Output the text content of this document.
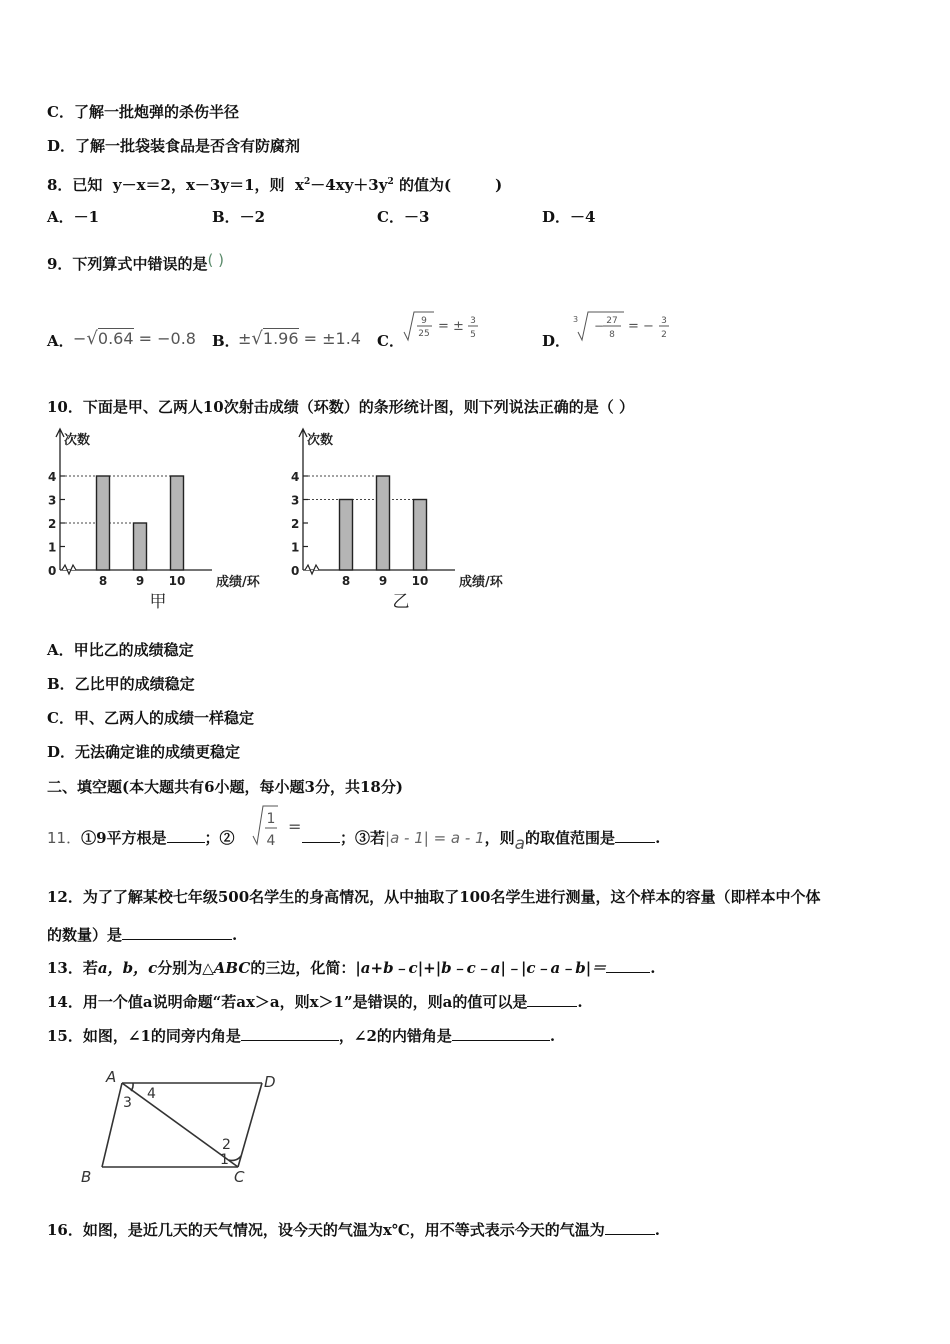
C．了解一批炮弹的杀伤半径
D．了解一批袋装食品是否含有防腐剂
8．已知 y－x＝2，x－3y＝1，则 $x^2-4xy+3y^2$ 的值为(	)
A．－1	B．－2	C．－3	D．－4
9．下列算式中错误的是( )
A． −√0.64 = −0.8 B．
±√1.96 = ±1.4 C．
9
25 = ± 3
5	D．
3 − 27
8
= − 3
2
10．下面是甲、乙两人10次射击成绩（环数）的条形统计图，则下列说法正确的是（ ）
次数
0
1
2
3
4
8 9 10 成绩/环
甲
次数
0
1
2
3
4
8 9 10 成绩/环
乙
A．甲比乙的成绩稳定
B．乙比甲的成绩稳定
C．甲、乙两人的成绩一样稳定
D．无法确定谁的成绩更稳定
二、填空题(本大题共有6小题，每小题3分，共18分)
11．①9平方根是	；②
1
4
=
；③若|a - 1| = a - 1，则a的取值范围是	.
12．为了了解某校七年级500名学生的身高情况，从中抽取了100名学生进行测量，这个样本的容量（即样本中个体
的数量）是	.
13．若a，b，c分别为△ABC的三边，化简：|a+b﹣c|+|b﹣c﹣a|﹣|c﹣a﹣b|＝	.
14．用一个值a说明命题“若ax＞a，则x＞1”是错误的，则a的值可以是	.
15．如图，∠1的同旁内角是	，∠2的内错角是	.
A	D
B	C
3
4
1
2
16．如图，是近几天的天气情况，设今天的气温为x℃，用不等式表示今天的气温为	.
